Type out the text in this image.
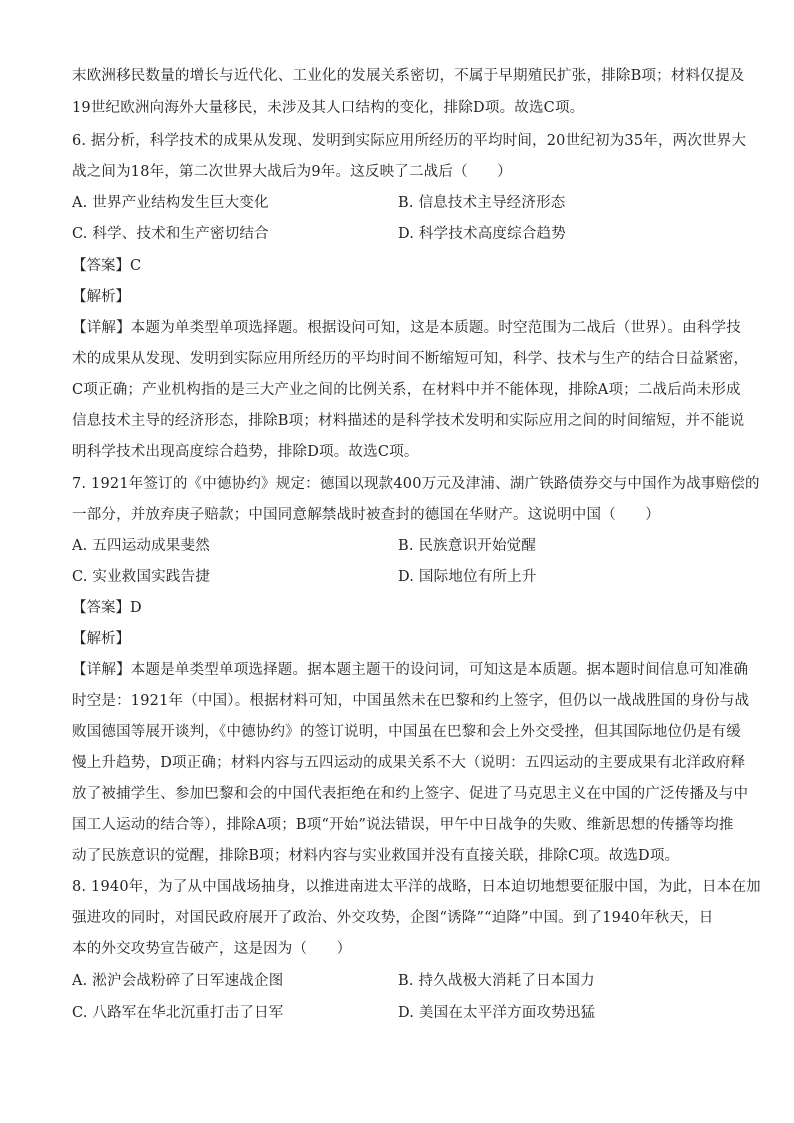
末欧洲移民数量的增长与近代化、工业化的发展关系密切，不属于早期殖民扩张，排除B项；材料仅提及
19世纪欧洲向海外大量移民，未涉及其人口结构的变化，排除D项。故选C项。
6. 据分析，科学技术的成果从发现、发明到实际应用所经历的平均时间，20世纪初为35年，两次世界大
战之间为18年，第二次世界大战后为9年。这反映了二战后（　　）
A. 世界产业结构发生巨大变化	B. 信息技术主导经济形态
C. 科学、技术和生产密切结合	D. 科学技术高度综合趋势
【答案】C
【解析】
【详解】本题为单类型单项选择题。根据设问可知，这是本质题。时空范围为二战后（世界）。由科学技
术的成果从发现、发明到实际应用所经历的平均时间不断缩短可知，科学、技术与生产的结合日益紧密，
C项正确；产业机构指的是三大产业之间的比例关系，在材料中并不能体现，排除A项；二战后尚未形成
信息技术主导的经济形态，排除B项；材料描述的是科学技术发明和实际应用之间的时间缩短，并不能说
明科学技术出现高度综合趋势，排除D项。故选C项。
7. 1921年签订的《中德协约》规定：德国以现款400万元及津浦、湖广铁路债券交与中国作为战事赔偿的
一部分，并放弃庚子赔款；中国同意解禁战时被查封的德国在华财产。这说明中国（　　）
A. 五四运动成果斐然	B. 民族意识开始觉醒
C. 实业救国实践告捷	D. 国际地位有所上升
【答案】D
【解析】
【详解】本题是单类型单项选择题。据本题主题干的设问词，可知这是本质题。据本题时间信息可知准确
时空是：1921年（中国）。根据材料可知，中国虽然未在巴黎和约上签字，但仍以一战战胜国的身份与战
败国德国等展开谈判，《中德协约》的签订说明，中国虽在巴黎和会上外交受挫，但其国际地位仍是有缓
慢上升趋势，D项正确；材料内容与五四运动的成果关系不大（说明：五四运动的主要成果有北洋政府释
放了被捕学生、参加巴黎和会的中国代表拒绝在和约上签字、促进了马克思主义在中国的广泛传播及与中
国工人运动的结合等），排除A项；B项“开始”说法错误，甲午中日战争的失败、维新思想的传播等均推
动了民族意识的觉醒，排除B项；材料内容与实业救国并没有直接关联，排除C项。故选D项。
8. 1940年，为了从中国战场抽身，以推进南进太平洋的战略，日本迫切地想要征服中国，为此，日本在加
强进攻的同时，对国民政府展开了政治、外交攻势，企图“诱降”“迫降”中国。到了1940年秋天，日
本的外交攻势宣告破产，这是因为（　　）
A. 淞沪会战粉碎了日军速战企图	B. 持久战极大消耗了日本国力
C. 八路军在华北沉重打击了日军	D. 美国在太平洋方面攻势迅猛
